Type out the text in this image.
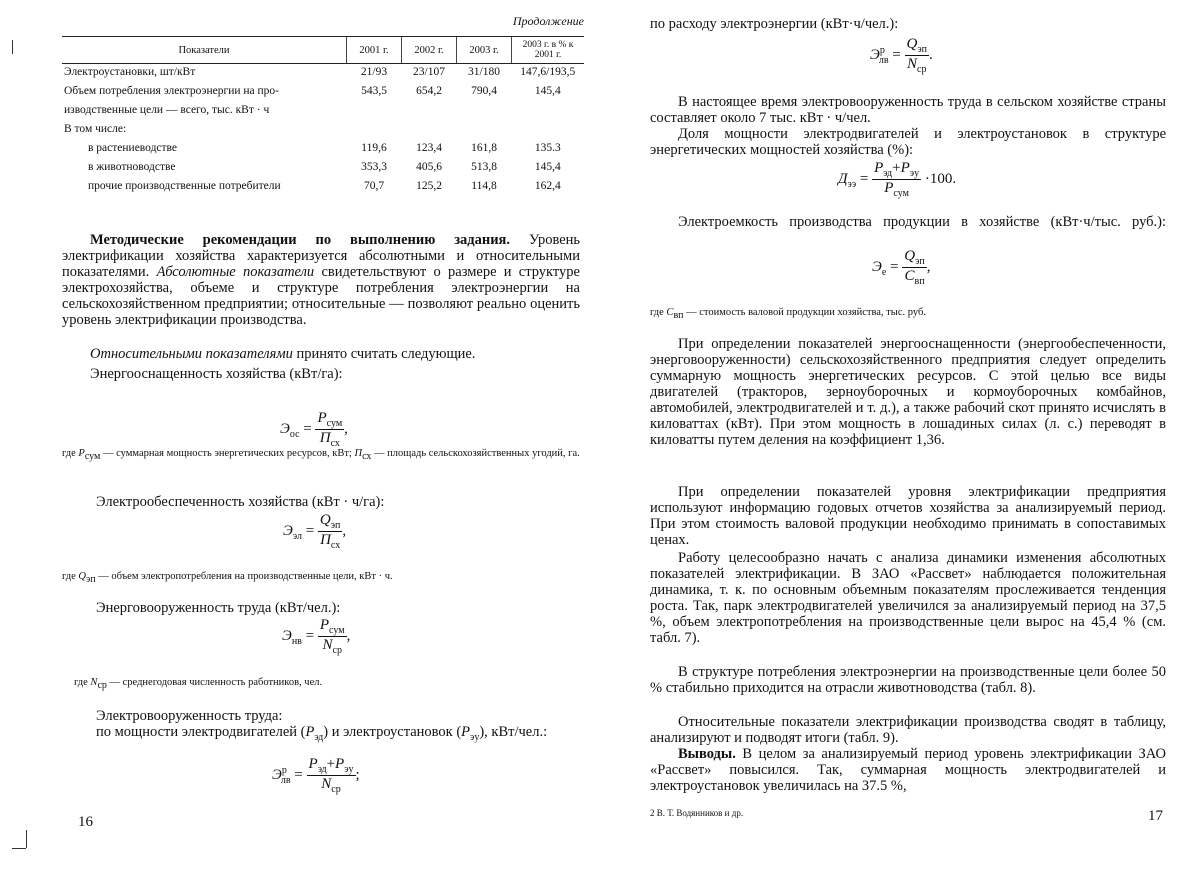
Продолжение
Показатели	2001 г.	2002 г.	2003 г.	2003 г. в % к 2001 г.
Электроустановки, шт/кВт	21/93	23/107	31/180	147,6/193,5
Объем потребления электроэнергии на про-	543,5	654,2	790,4	145,4
изводственные цели — всего, тыс. кВт · ч				
В том числе:				
в растениеводстве	119,6	123,4	161,8	135.3
в животноводстве	353,3	405,6	513,8	145,4
прочие производственные потребители	70,7	125,2	114,8	162,4
Методические рекомендации по выполнению задания. Уровень электрификации хозяйства характеризуется абсолютными и относительными показателями. Абсолютные показатели свидетельствуют о размере и структуре электрохозяйства, объеме и структуре потребления электроэнергии на сельскохозяйственном предприятии; относительные — позволяют реально оценить уровень электрификации производства.
Относительными показателями принято считать следующие.
Энергооснащенность хозяйства (кВт/га):
$Э_{ос} = \frac{P_{сум}}{П_{сх}}$ ,
где $P_{сум}$ — суммарная мощность энергетических ресурсов, кВт; $П_{сх}$ — площадь сельскохозяйственных угодий, га.
Электрообеспеченность хозяйства (кВт · ч/га):
$Э_{эл} = \frac{Q_{эп}}{П_{сх}}$ ,
где $Q_{эп}$ — объем электропотребления на производственные цели, кВт · ч.
Энерговооруженность труда (кВт/чел.):
$Э_{нв} = \frac{P_{сум}}{N_{ср}}$ ,
где $N_{ср}$ — среднегодовая численность работников, чел.
Электровооруженность труда:
по мощности электродвигателей $(P_{эд})$ и электроустановок $(P_{эу})$, кВт/чел.:
$Э^р_{лв} = \frac{P_{эд}+P_{эу}}{N_{ср}}$ ;
16
по расходу электроэнергии (кВт·ч/чел.):
$Э^р_{лв} = \frac{Q_{эп}}{N_{ср}}$ .
В настоящее время электровооруженность труда в сельском хозяйстве страны составляет около 7 тыс. кВт · ч/чел.
Доля мощности электродвигателей и электроустановок в структуре энергетических мощностей хозяйства (%):
$Д_{ээ} = \frac{P_{эд}+P_{эу}}{P_{сум}} \cdot 100$.
Электроемкость производства продукции в хозяйстве (кВт·ч/тыс. руб.):
$Э_е = \frac{Q_{эп}}{C_{вп}}$ ,
где $C_{вп}$ — стоимость валовой продукции хозяйства, тыс. руб.
При определении показателей энергооснащенности (энергообеспеченности, энерговооруженности) сельскохозяйственного предприятия следует определить суммарную мощность энергетических ресурсов. С этой целью все виды двигателей (тракторов, зерноуборочных и кормоуборочных комбайнов, автомобилей, электродвигателей и т. д.), а также рабочий скот принято исчислять в киловаттах (кВт). При этом мощность в лошадиных силах (л. с.) переводят в киловатты путем деления на коэффициент 1,36.
При определении показателей уровня электрификации предприятия используют информацию годовых отчетов хозяйства за анализируемый период. При этом стоимость валовой продукции необходимо принимать в сопоставимых ценах.
Работу целесообразно начать с анализа динамики изменения абсолютных показателей электрификации. В ЗАО «Рассвет» наблюдается положительная динамика, т. к. по основным объемным показателям прослеживается тенденция роста. Так, парк электродвигателей увеличился за анализируемый период на 37,5 %, объем электропотребления на производственные цели вырос на 45,4 % (см. табл. 7).
В структуре потребления электроэнергии на производственные цели более 50 % стабильно приходится на отрасли животноводства (табл. 8).
Относительные показатели электрификации производства сводят в таблицу, анализируют и подводят итоги (табл. 9).
Выводы. В целом за анализируемый период уровень электрификации ЗАО «Рассвет» повысился. Так, суммарная мощность электродвигателей и электроустановок увеличилась на 37.5 %,
2 В. Т. Водянников и др.	17
